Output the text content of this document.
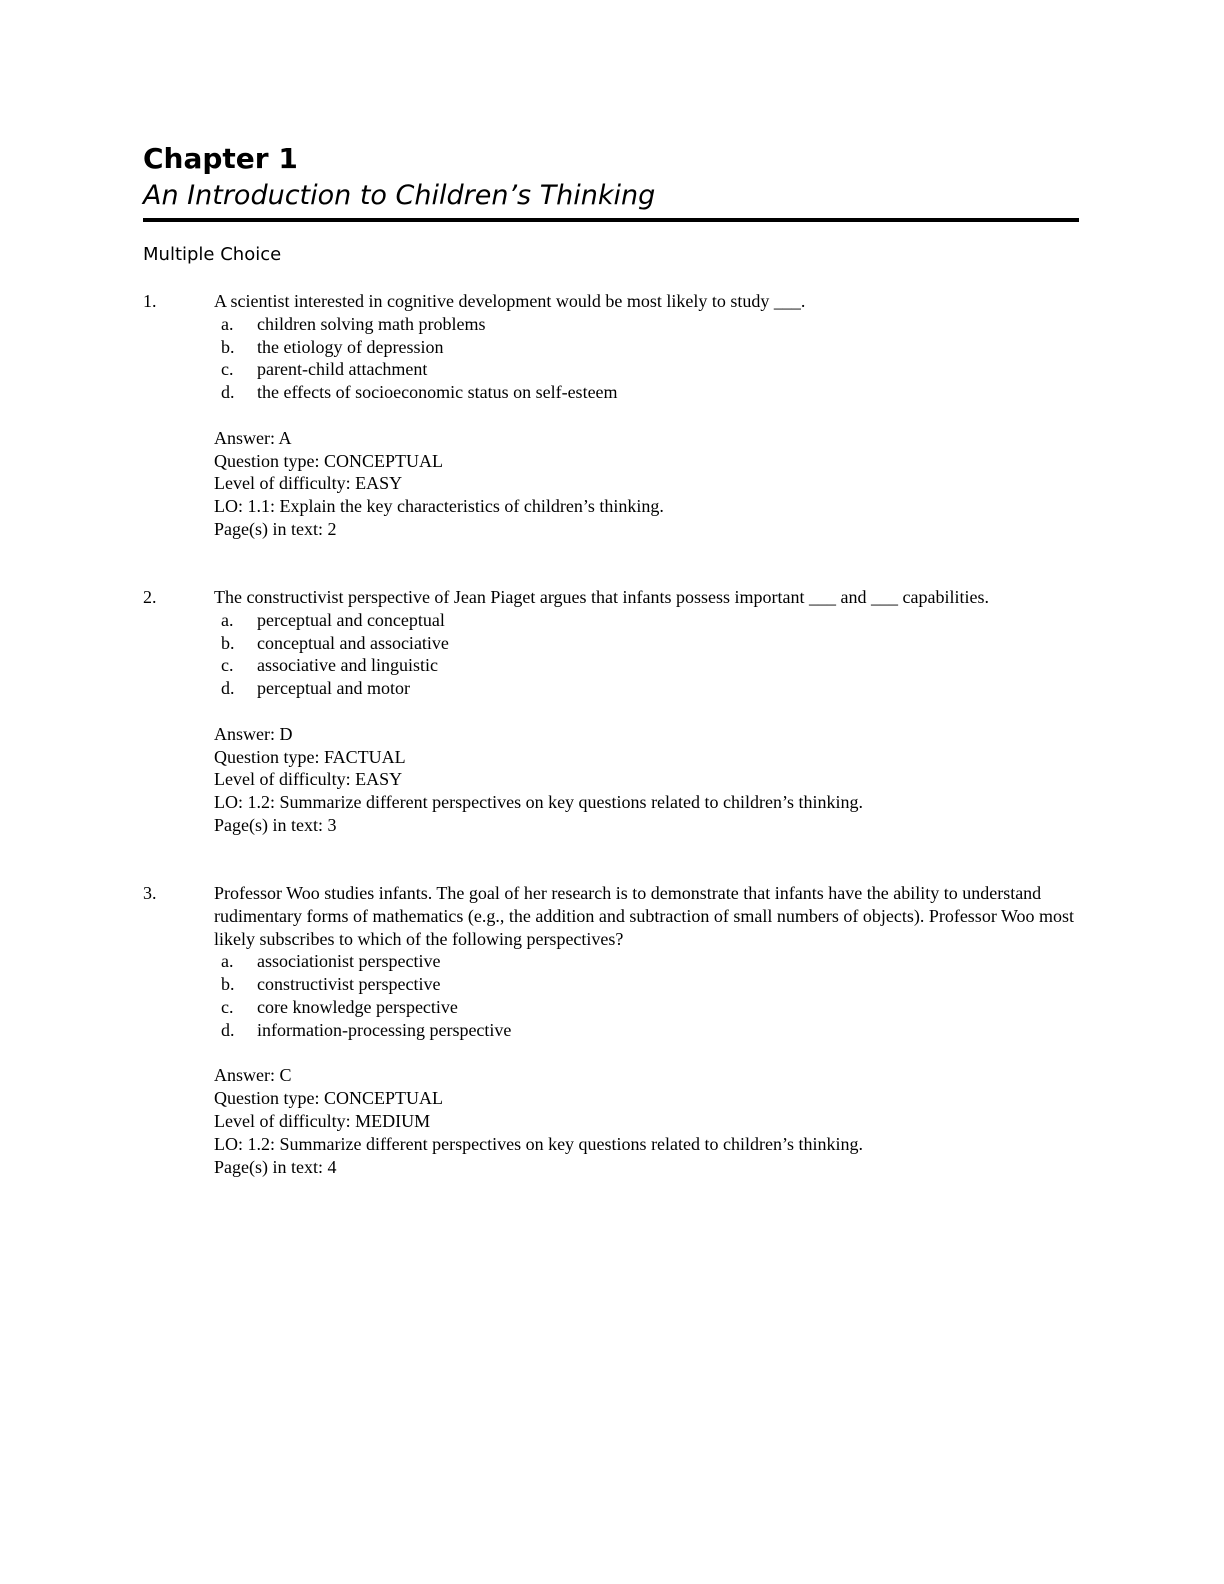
Chapter 1
An Introduction to Children’s Thinking
Multiple Choice
1.	A scientist interested in cognitive development would be most likely to study ___.

a. children solving math problems
b. the etiology of depression
c. parent-child attachment
d. the effects of socioeconomic status on self-esteem
Answer: A
Question type: CONCEPTUAL
Level of difficulty: EASY
LO: 1.1: Explain the key characteristics of children’s thinking.
Page(s) in text: 2
2.	The constructivist perspective of Jean Piaget argues that infants possess important ___ and ___ capabilities.

a. perceptual and conceptual
b. conceptual and associative
c. associative and linguistic
d. perceptual and motor
Answer: D
Question type: FACTUAL
Level of difficulty: EASY
LO: 1.2: Summarize different perspectives on key questions related to children’s thinking.
Page(s) in text: 3
3.	Professor Woo studies infants. The goal of her research is to demonstrate that infants have the ability to understand rudimentary forms of mathematics (e.g., the addition and subtraction of small numbers of objects). Professor Woo most likely subscribes to which of the following perspectives?

a. associationist perspective
b. constructivist perspective
c. core knowledge perspective
d. information-processing perspective
Answer: C
Question type: CONCEPTUAL
Level of difficulty: MEDIUM
LO: 1.2: Summarize different perspectives on key questions related to children’s thinking.
Page(s) in text: 4
